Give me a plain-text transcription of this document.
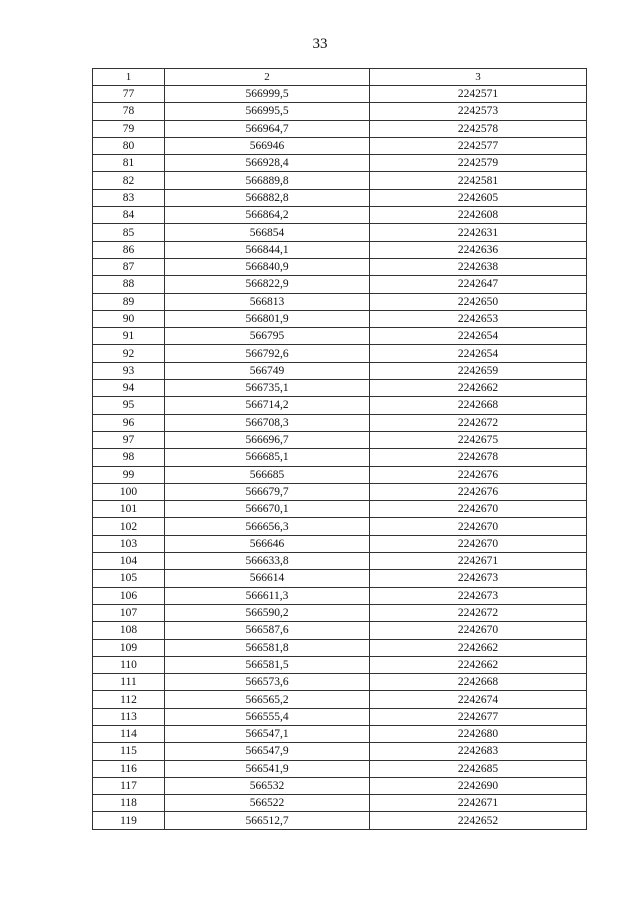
33
1	2	3
77	566999,5	2242571
78	566995,5	2242573
79	566964,7	2242578
80	566946	2242577
81	566928,4	2242579
82	566889,8	2242581
83	566882,8	2242605
84	566864,2	2242608
85	566854	2242631
86	566844,1	2242636
87	566840,9	2242638
88	566822,9	2242647
89	566813	2242650
90	566801,9	2242653
91	566795	2242654
92	566792,6	2242654
93	566749	2242659
94	566735,1	2242662
95	566714,2	2242668
96	566708,3	2242672
97	566696,7	2242675
98	566685,1	2242678
99	566685	2242676
100	566679,7	2242676
101	566670,1	2242670
102	566656,3	2242670
103	566646	2242670
104	566633,8	2242671
105	566614	2242673
106	566611,3	2242673
107	566590,2	2242672
108	566587,6	2242670
109	566581,8	2242662
110	566581,5	2242662
111	566573,6	2242668
112	566565,2	2242674
113	566555,4	2242677
114	566547,1	2242680
115	566547,9	2242683
116	566541,9	2242685
117	566532	2242690
118	566522	2242671
119	566512,7	2242652
